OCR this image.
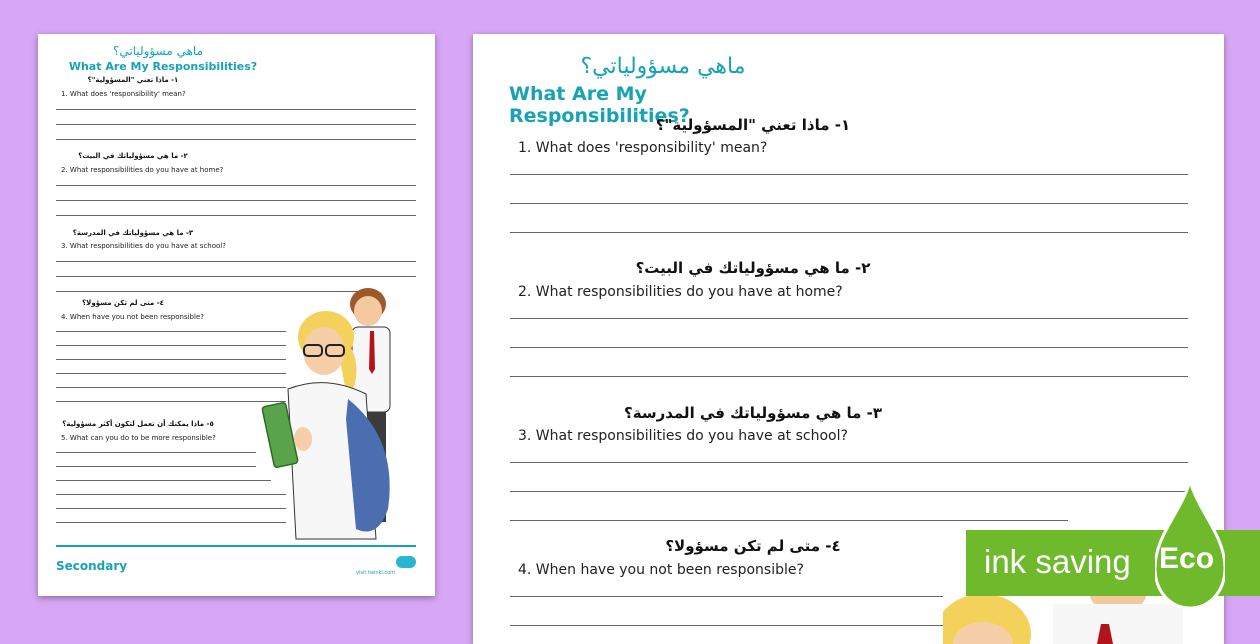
ماهي مسؤولياتي؟
What Are My Responsibilities?
١- ماذا تعني "المسؤولية"؟
1. What does 'responsibility' mean?
٢- ما هي مسؤولياتك في البيت؟
2. What responsibilities do you have at home?
٣- ما هي مسؤولياتك في المدرسة؟
3. What responsibilities do you have at school?
٤- متى لم تكن مسؤولا؟
4. When have you not been responsible?
٥- ماذا يمكنك أن تعمل لتكون أكثر مسؤولية؟
5. What can you do to be more responsible?
Secondary	visit twinkl.com
ماهي مسؤولياتي؟
What Are My Responsibilities?
١- ماذا تعني "المسؤولية"؟
1. What does 'responsibility' mean?
٢- ما هي مسؤولياتك في البيت؟
2. What responsibilities do you have at home?
٣- ما هي مسؤولياتك في المدرسة؟
3. What responsibilities do you have at school?
٤- متى لم تكن مسؤولا؟
4. When have you not been responsible?	ink saving Eco
